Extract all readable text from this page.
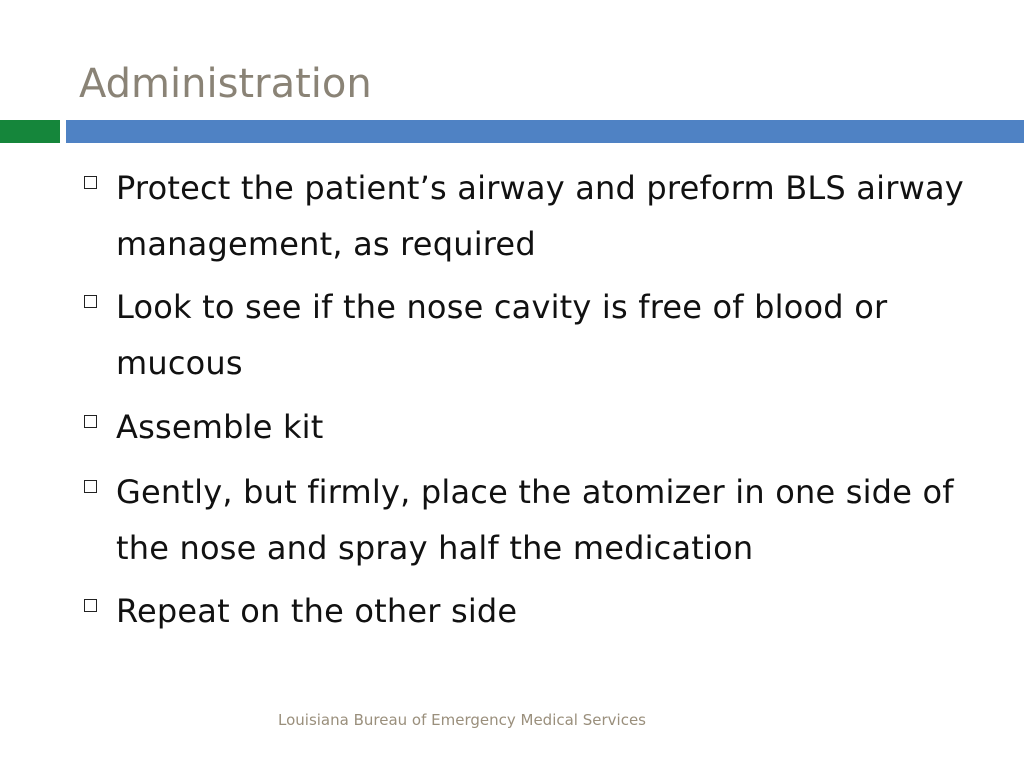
Administration
Protect the patient’s airway and preform BLS airway management, as required
Look to see if the nose cavity is free of blood or mucous
Assemble kit
Gently, but firmly, place the atomizer in one side of the nose and spray half the medication
Repeat on the other side
Louisiana Bureau of Emergency Medical Services
